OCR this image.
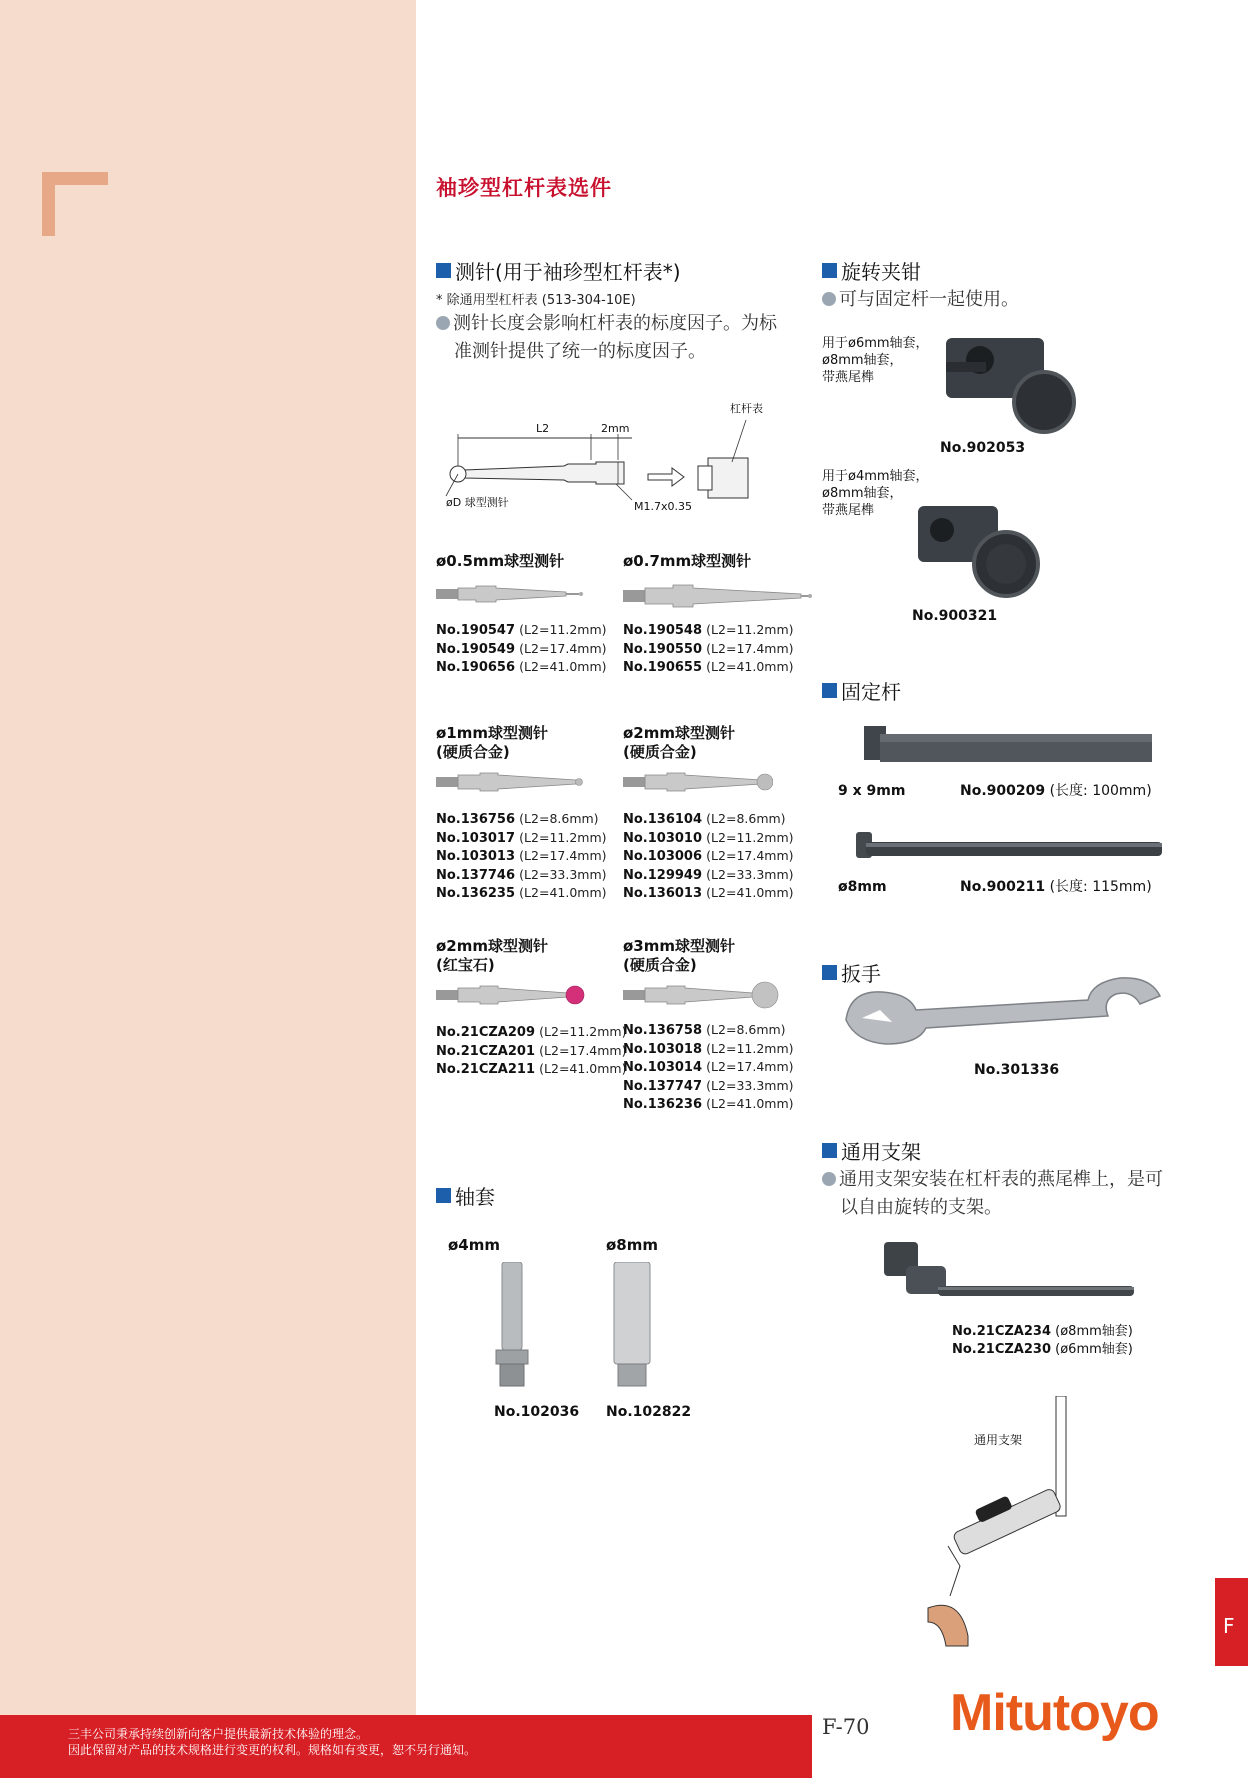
袖珍型杠杆表选件
测针(用于袖珍型杠杆表*)
* 除通用型杠杆表 (513-304-10E)
测针长度会影响杠杆表的标度因子。为标
准测针提供了统一的标度因子。
L2	2mm
杠杆表
øD 球型测针	M1.7x0.35
ø0.5mm球型测针
No.190547 (L2=11.2mm)
No.190549 (L2=17.4mm)
No.190656 (L2=41.0mm)
ø0.7mm球型测针
No.190548 (L2=11.2mm)
No.190550 (L2=17.4mm)
No.190655 (L2=41.0mm)
ø1mm球型测针
(硬质合金)
No.136756 (L2=8.6mm)
No.103017 (L2=11.2mm)
No.103013 (L2=17.4mm)
No.137746 (L2=33.3mm)
No.136235 (L2=41.0mm)
ø2mm球型测针
(硬质合金)
No.136104 (L2=8.6mm)
No.103010 (L2=11.2mm)
No.103006 (L2=17.4mm)
No.129949 (L2=33.3mm)
No.136013 (L2=41.0mm)
ø2mm球型测针
(红宝石)
No.21CZA209 (L2=11.2mm)
No.21CZA201 (L2=17.4mm)
No.21CZA211 (L2=41.0mm)
ø3mm球型测针
(硬质合金)
No.136758 (L2=8.6mm)
No.103018 (L2=11.2mm)
No.103014 (L2=17.4mm)
No.137747 (L2=33.3mm)
No.136236 (L2=41.0mm)
轴套
ø4mm	ø8mm
No.102036 No.102822
旋转夹钳
可与固定杆一起使用。
用于ø6mm轴套，
ø8mm轴套，
带燕尾榫
No.902053
用于ø4mm轴套，
ø8mm轴套，
带燕尾榫
No.900321
固定杆
9 x 9mm	No.900209 (长度: 100mm)
ø8mm	No.900211 (长度: 115mm)
扳手
No.301336
通用支架
通用支架安装在杠杆表的燕尾榫上，是可
以自由旋转的支架。
No.21CZA234 (ø8mm轴套)
No.21CZA230 (ø6mm轴套)
通用支架
三丰公司秉承持续创新向客户提供最新技术体验的理念。
因此保留对产品的技术规格进行变更的权利。规格如有变更，恕不另行通知。
F-70 Mitutoyo
F
